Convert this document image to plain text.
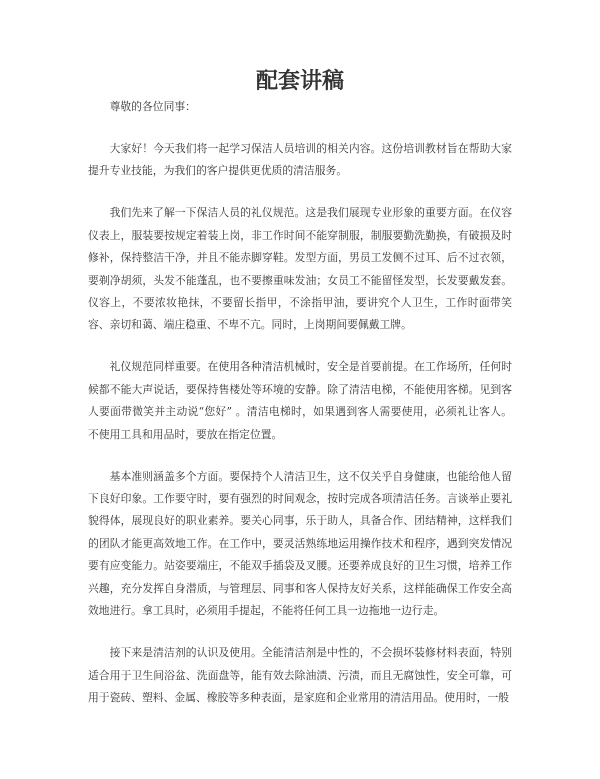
配套讲稿

尊敬的各位同事：

大家好！今天我们将一起学习保洁人员培训的相关内容。这份培训教材旨在帮助大家提升专业技能，为我们的客户提供更优质的清洁服务。

我们先来了解一下保洁人员的礼仪规范。这是我们展现专业形象的重要方面。在仪容仪表上，服装要按规定着装上岗，非工作时间不能穿制服，制服要勤洗勤换，有破损及时修补，保持整洁干净，并且不能赤脚穿鞋。发型方面，男员工发侧不过耳、后不过衣领，要剃净胡须，头发不能蓬乱，也不要擦重味发油；女员工不能留怪发型，长发要戴发套。仪容上，不要浓妆艳抹，不要留长指甲，不涂指甲油，要讲究个人卫生，工作时面带笑容、亲切和蔼、端庄稳重、不卑不亢。同时，上岗期间要佩戴工牌。

礼仪规范同样重要。在使用各种清洁机械时，安全是首要前提。在工作场所，任何时候都不能大声说话，要保持售楼处等环境的安静。除了清洁电梯，不能使用客梯。见到客人要面带微笑并主动说“您好” 。清洁电梯时，如果遇到客人需要使用，必须礼让客人。不使用工具和用品时，要放在指定位置。

基本准则涵盖多个方面。要保持个人清洁卫生，这不仅关乎自身健康，也能给他人留下良好印象。工作要守时，要有强烈的时间观念，按时完成各项清洁任务。言谈举止要礼貌得体，展现良好的职业素养。要关心同事，乐于助人，具备合作、团结精神，这样我们的团队才能更高效地工作。在工作中，要灵活熟练地运用操作技术和程序，遇到突发情况要有应变能力。站姿要端庄，不能双手插袋及叉腰。还要养成良好的卫生习惯，培养工作兴趣，充分发挥自身潜质，与管理层、同事和客人保持友好关系，这样能确保工作安全高效地进行。拿工具时，必须用手提起，不能将任何工具一边拖地一边行走。

接下来是清洁剂的认识及使用。全能清洁剂是中性的，不会损坏装修材料表面，特别适合用于卫生间浴盆、洗面盘等，能有效去除油渍、污渍，而且无腐蚀性，安全可靠，可用于瓷砖、塑料、金属、橡胶等多种表面，是家庭和企业常用的清洁用品。使用时，一般
